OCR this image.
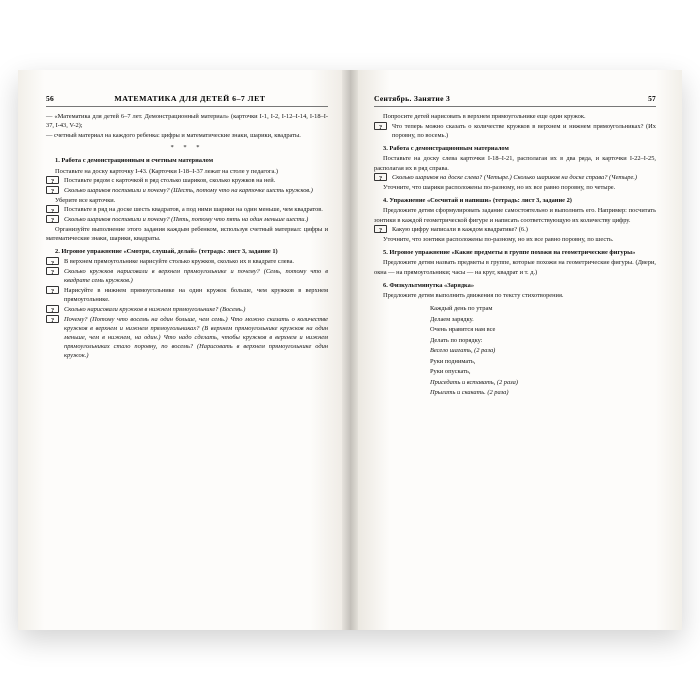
56	МАТЕМАТИКА ДЛЯ ДЕТЕЙ 6–7 ЛЕТ

— «Математика для детей 6–7 лет. Демонстрационный материал» (карточки I-1, I-2, I-12–I-14, I-18–I-37, I-43, V-2);

— счетный материал на каждого ребенка: цифры и математические знаки, шарики, квадраты.

* * *

1. Работа с демонстрационным и счетным материалом

Поставьте на доску карточку I-43. (Карточки I-18–I-37 лежат на столе у педагога.)

?	Поставьте рядом с карточкой в ряд столько шариков, сколько кружков на ней.
?	Сколько шариков поставили и почему? (Шесть, потому что на карточке шесть кружков.)

Уберите все карточки.

?	Поставьте в ряд на доске шесть квадратов, а под ними шарики на один меньше, чем квадратов.
?	Сколько шариков поставили и почему? (Пять, потому что пять на один меньше шести.)

Организуйте выполнение этого задания каждым ребенком, используя счетный материал: цифры и математические знаки, шарики, квадраты.

2. Игровое упражнение «Смотри, слушай, делай» (тетрадь: лист 3, задание 1)

?	В верхнем прямоугольнике нарисуйте столько кружков, сколько их в квадрате слева.
?	Сколько кружков нарисовали в верхнем прямоугольнике и почему? (Семь, потому что в квадрате семь кружков.)
?	Нарисуйте в нижнем прямоугольнике на один кружок больше, чем кружков в верхнем прямоугольнике.
?	Сколько нарисовали кружков в нижнем прямоугольнике? (Восемь.)
?	Почему? (Потому что восемь на один больше, чем семь.) Что можно сказать о количестве кружков в верхнем и нижнем прямоугольниках? (В верхнем прямоугольнике кружков на один меньше, чем в нижнем, на один.) Что надо сделать, чтобы кружков в верхнем и нижнем прямоугольниках стало поровну, по восемь? (Нарисовать в верхнем прямоугольнике один кружок.)
Сентябрь. Занятие 3	57

Попросите детей нарисовать в верхнем прямоугольнике еще один кружок.

?	Что теперь можно сказать о количестве кружков в верхнем и нижнем прямоугольниках? (Их поровну, по восемь.)

3. Работа с демонстрационным материалом

Поставьте на доску слева карточки I-18–I-21, располагая их в два ряда, и карточки I-22–I-25, располагая их в ряд справа.

?	Сколько шариков на доске слева? (Четыре.) Сколько шариков на доске справа? (Четыре.)

Уточните, что шарики расположены по-разному, но их все равно поровну, по четыре.

4. Упражнение «Сосчитай и напиши» (тетрадь: лист 3, задание 2)

Предложите детям сформулировать задание самостоятельно и выполнить его. Например: посчитать зонтики в каждой геометрической фигуре и написать соответствующую их количеству цифру.

?	Какую цифру написали в каждом квадратике? (6.)

Уточните, что зонтики расположены по-разному, но их все равно поровну, по шесть.

5. Игровое упражнение «Какие предметы в группе похожи на геометрические фигуры»

Предложите детям назвать предметы в группе, которые похожи на геометрические фигуры. (Двери, окна — на прямоугольники; часы — на круг, квадрат и т. д.)

6. Физкультминутка «Зарядка»

Предложите детям выполнить движения по тексту стихотворения.

Каждый день по утрам
Делаем зарядку.
Очень нравится нам все
Делать по порядку:
Весело шагать, (2 раза)
Руки поднимать,
Руки опускать,
Приседать и вставать, (2 раза)
Прыгать и скакать. (2 раза)
